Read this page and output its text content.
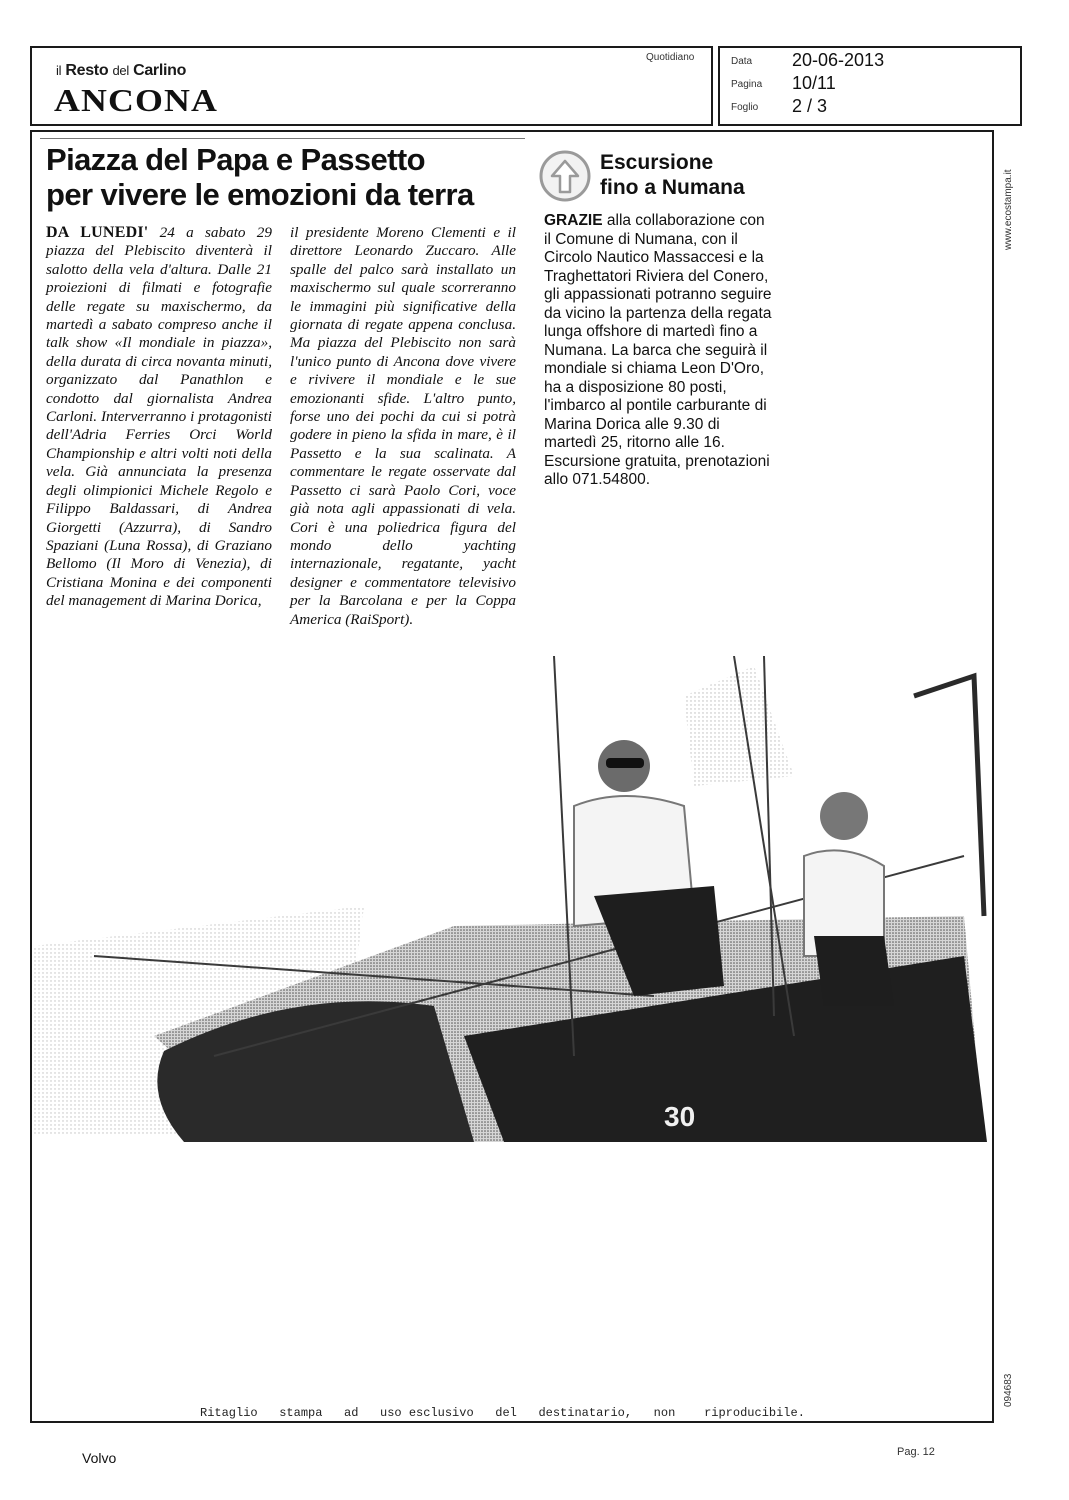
il Resto del Carlino
ANCONA
Quotidiano	Data 20-06-2013
Pagina 10/11
Foglio 2 / 3
www.ecostampa.it
094683
Piazza del Papa e Passetto
per vivere le emozioni da terra
DA LUNEDI' 24 a sabato 29 piazza del Plebiscito diventerà il salotto della vela d'altura. Dalle 21 proiezioni di filmati e fotografie delle regate su maxischermo, da martedì a sabato compreso anche il talk show «Il mondiale in piazza», della durata di circa novanta minuti, organizzato dal Panathlon e condotto dal giornalista Andrea Carloni. Interverranno i protagonisti dell'Adria Ferries Orci World Championship e altri volti noti della vela. Già annunciata la presenza degli olimpionici Michele Regolo e Filippo Baldassari, di Andrea Giorgetti (Azzurra), di Sandro Spaziani (Luna Rossa), di Graziano Bellomo (Il Moro di Venezia), di Cristiana Monina e dei componenti del management di Marina Dorica,
il presidente Moreno Clementi e il direttore Leonardo Zuccaro. Alle spalle del palco sarà installato un maxischermo sul quale scorreranno le immagini più significative della giornata di regate appena conclusa. Ma piazza del Plebiscito non sarà l'unico punto di Ancona dove vivere e rivivere il mondiale e le sue emozionanti sfide. L'altro punto, forse uno dei pochi da cui si potrà godere in pieno la sfida in mare, è il Passetto e la sua scalinata. A commentare le regate osservate dal Passetto ci sarà Paolo Cori, voce già nota agli appassionati di vela. Cori è una poliedrica figura del mondo dello yachting internazionale, regatante, yacht designer e commentatore televisivo per la Barcolana e per la Coppa America (RaiSport).
Escursione
fino a Numana
GRAZIE alla collaborazione con il Comune di Numana, con il Circolo Nautico Massaccesi e la Traghettatori Riviera del Conero, gli appassionati potranno seguire da vicino la partenza della regata lunga offshore di martedì fino a Numana. La barca che seguirà il mondiale si chiama Leon D'Oro, ha a disposizione 80 posti, l'imbarco al pontile carburante di Marina Dorica alle 9.30 di martedì 25, ritorno alle 16. Escursione gratuita, prenotazioni allo 071.54800.
30
Ritaglio   stampa   ad   uso esclusivo   del   destinatario,   non    riproducibile.
Volvo	Pag. 12
